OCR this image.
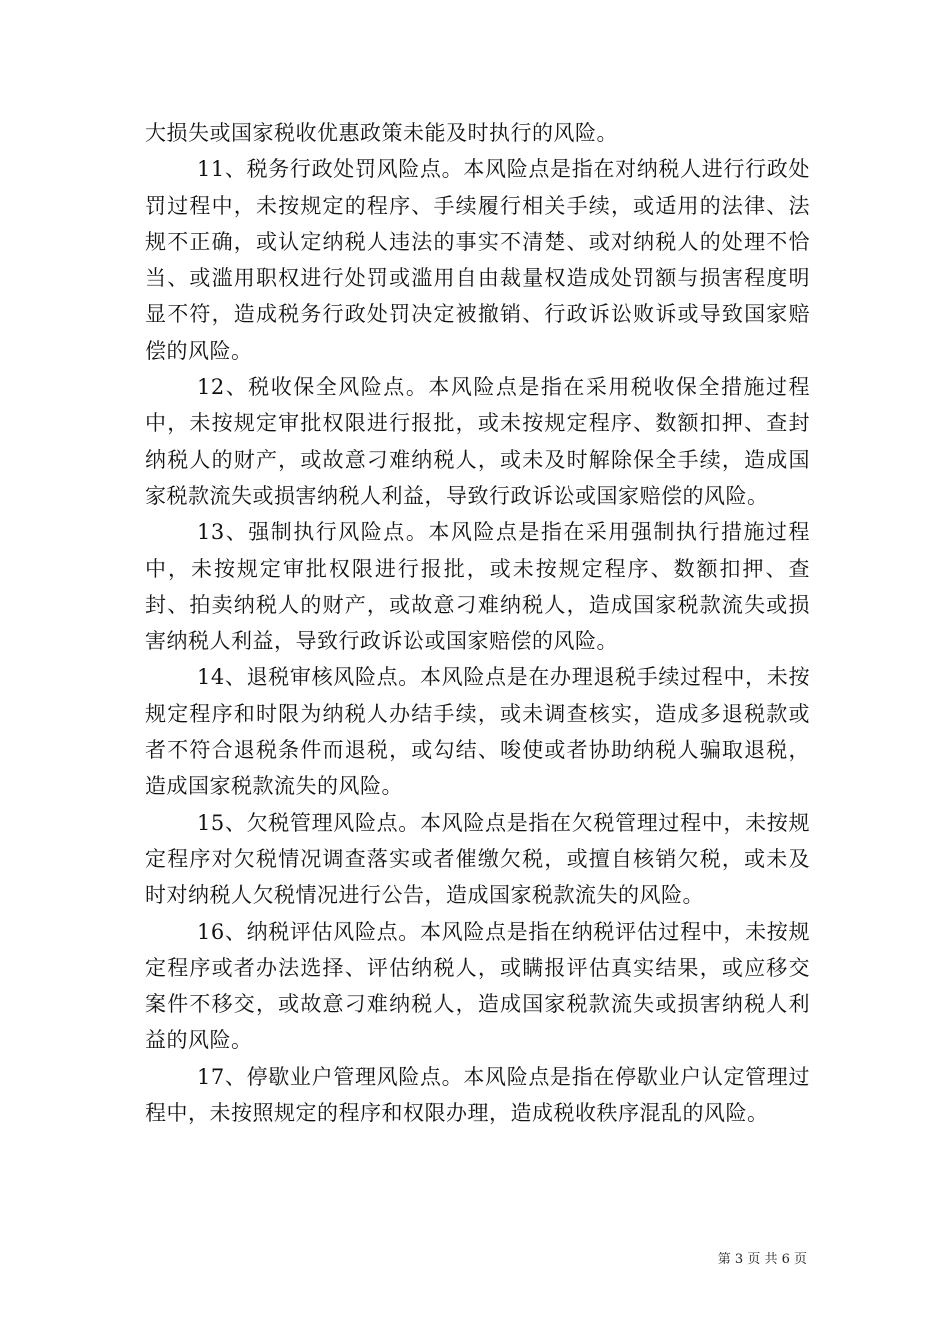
大损失或国家税收优惠政策未能及时执行的风险。

11、税务行政处罚风险点。本风险点是指在对纳税人进行行政处罚过程中，未按规定的程序、手续履行相关手续，或适用的法律、法规不正确，或认定纳税人违法的事实不清楚、或对纳税人的处理不恰当、或滥用职权进行处罚或滥用自由裁量权造成处罚额与损害程度明显不符，造成税务行政处罚决定被撤销、行政诉讼败诉或导致国家赔偿的风险。

12、税收保全风险点。本风险点是指在采用税收保全措施过程中，未按规定审批权限进行报批，或未按规定程序、数额扣押、查封纳税人的财产，或故意刁难纳税人，或未及时解除保全手续，造成国家税款流失或损害纳税人利益，导致行政诉讼或国家赔偿的风险。

13、强制执行风险点。本风险点是指在采用强制执行措施过程中，未按规定审批权限进行报批，或未按规定程序、数额扣押、查封、拍卖纳税人的财产，或故意刁难纳税人，造成国家税款流失或损害纳税人利益，导致行政诉讼或国家赔偿的风险。

14、退税审核风险点。本风险点是在办理退税手续过程中，未按规定程序和时限为纳税人办结手续，或未调查核实，造成多退税款或者不符合退税条件而退税，或勾结、唆使或者协助纳税人骗取退税，造成国家税款流失的风险。

15、欠税管理风险点。本风险点是指在欠税管理过程中，未按规定程序对欠税情况调查落实或者催缴欠税，或擅自核销欠税，或未及时对纳税人欠税情况进行公告，造成国家税款流失的风险。

16、纳税评估风险点。本风险点是指在纳税评估过程中，未按规定程序或者办法选择、评估纳税人，或瞒报评估真实结果，或应移交案件不移交，或故意刁难纳税人，造成国家税款流失或损害纳税人利益的风险。

17、停歇业户管理风险点。本风险点是指在停歇业户认定管理过程中，未按照规定的程序和权限办理，造成税收秩序混乱的风险。

第 3 页 共 6 页
